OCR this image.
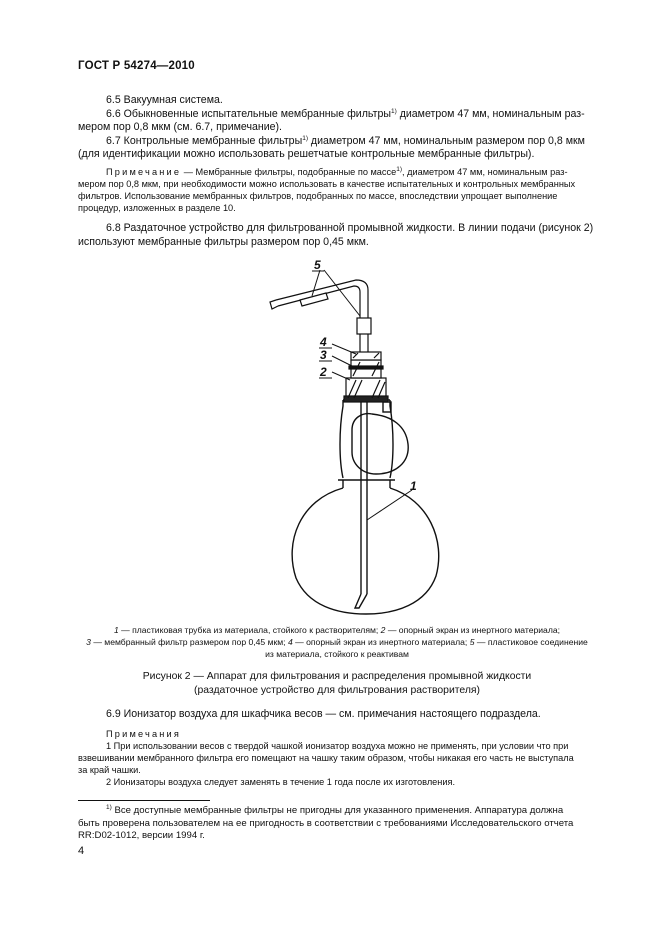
ГОСТ Р 54274—2010
6.5 Вакуумная система.
6.6 Обыкновенные испытательные мембранные фильтры$^{1)}$ диаметром 47 мм, номинальным раз-
мером пор 0,8 мкм (см. 6.7, примечание).
6.7 Контрольные мембранные фильтры$^{1)}$ диаметром 47 мм, номинальным размером пор 0,8 мкм
(для идентификации можно использовать решетчатые контрольные мембранные фильтры).
Примечание — Мембранные фильтры, подобранные по массе$^{1)}$, диаметром 47 мм, номинальным раз-
мером пор 0,8 мкм, при необходимости можно использовать в качестве испытательных и контрольных мембранных
фильтров. Использование мембранных фильтров, подобранных по массе, впоследствии упрощает выполнение
процедур, изложенных в разделе 10.
6.8 Раздаточное устройство для фильтрованной промывной жидкости. В линии подачи (рисунок 2)
используют мембранные фильтры размером пор 0,45 мкм.
5
4
3
2
1
1 — пластиковая трубка из материала, стойкого к растворителям; 2 — опорный экран из инертного материала;
3 — мембранный фильтр размером пор 0,45 мкм; 4 — опорный экран из инертного материала; 5 — пластиковое соединение
из материала, стойкого к реактивам
Рисунок 2 — Аппарат для фильтрования и распределения промывной жидкости
(раздаточное устройство для фильтрования растворителя)
6.9 Ионизатор воздуха для шкафчика весов — см. примечания настоящего подраздела.
Примечания
1 При использовании весов с твердой чашкой ионизатор воздуха можно не применять, при условии что при
взвешивании мембранного фильтра его помещают на чашку таким образом, чтобы никакая его часть не выступала
за край чашки.
2 Ионизаторы воздуха следует заменять в течение 1 года после их изготовления.
$^{1)}$ Все доступные мембранные фильтры не пригодны для указанного применения. Аппаратура должна
быть проверена пользователем на ее пригодность в соответствии с требованиями Исследовательского отчета
RR:D02-1012, версии 1994 г.
4
